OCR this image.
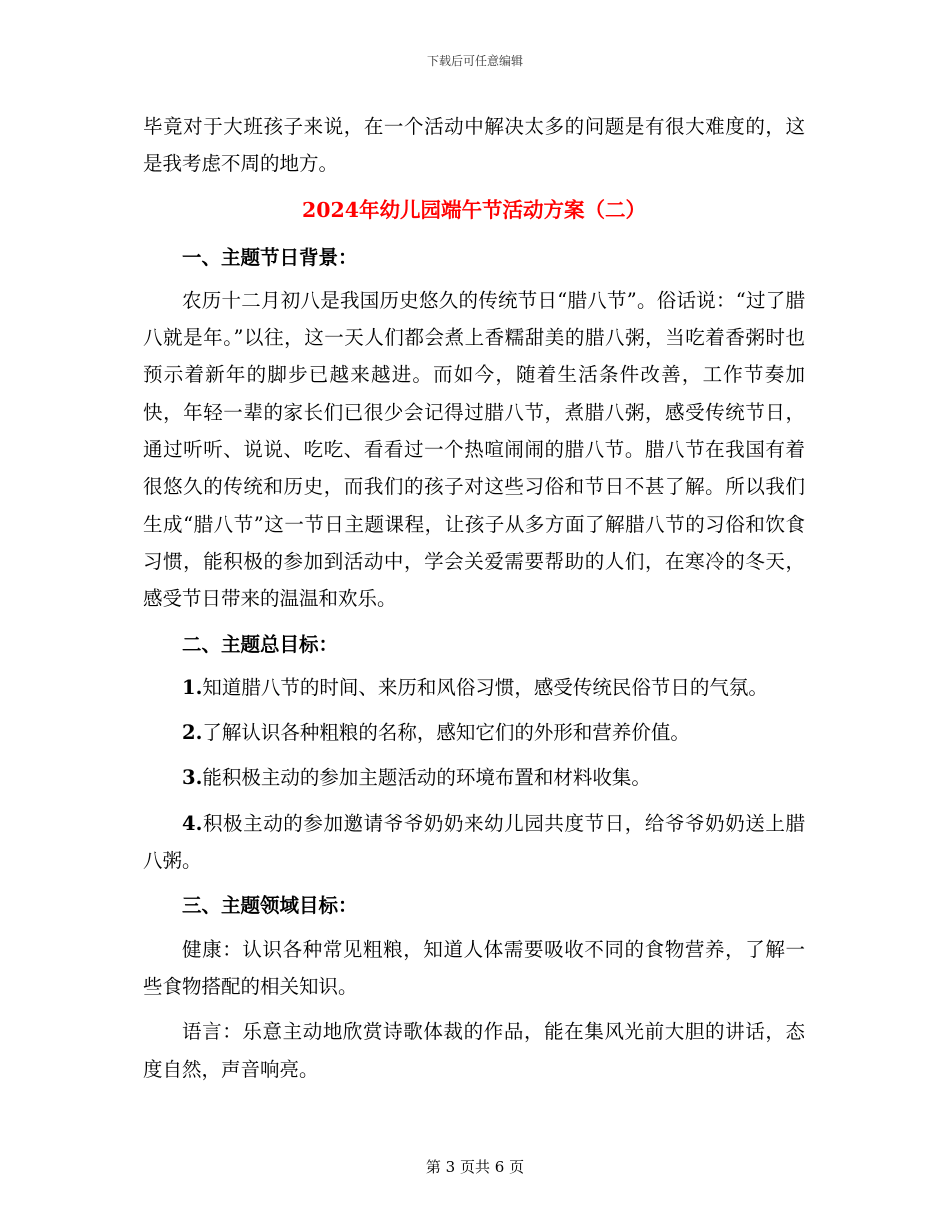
下载后可任意编辑

毕竟对于大班孩子来说，在一个活动中解决太多的问题是有很大难度的，这是我考虑不周的地方。

2024年幼儿园端午节活动方案（二）

一、主题节日背景：

农历十二月初八是我国历史悠久的传统节日“腊八节”。俗话说：“过了腊八就是年。”以往，这一天人们都会煮上香糯甜美的腊八粥，当吃着香粥时也预示着新年的脚步已越来越进。而如今，随着生活条件改善，工作节奏加快，年轻一辈的家长们已很少会记得过腊八节，煮腊八粥，感受传统节日，通过听听、说说、吃吃、看看过一个热喧闹闹的腊八节。腊八节在我国有着很悠久的传统和历史，而我们的孩子对这些习俗和节日不甚了解。所以我们生成“腊八节”这一节日主题课程，让孩子从多方面了解腊八节的习俗和饮食习惯，能积极的参加到活动中，学会关爱需要帮助的人们，在寒冷的冬天，感受节日带来的温温和欢乐。

二、主题总目标：

1.知道腊八节的时间、来历和风俗习惯，感受传统民俗节日的气氛。

2.了解认识各种粗粮的名称，感知它们的外形和营养价值。

3.能积极主动的参加主题活动的环境布置和材料收集。

4.积极主动的参加邀请爷爷奶奶来幼儿园共度节日，给爷爷奶奶送上腊八粥。

三、主题领域目标：

健康：认识各种常见粗粮，知道人体需要吸收不同的食物营养，了解一些食物搭配的相关知识。

语言：乐意主动地欣赏诗歌体裁的作品，能在集风光前大胆的讲话，态度自然，声音响亮。

第 3 页共 6 页
